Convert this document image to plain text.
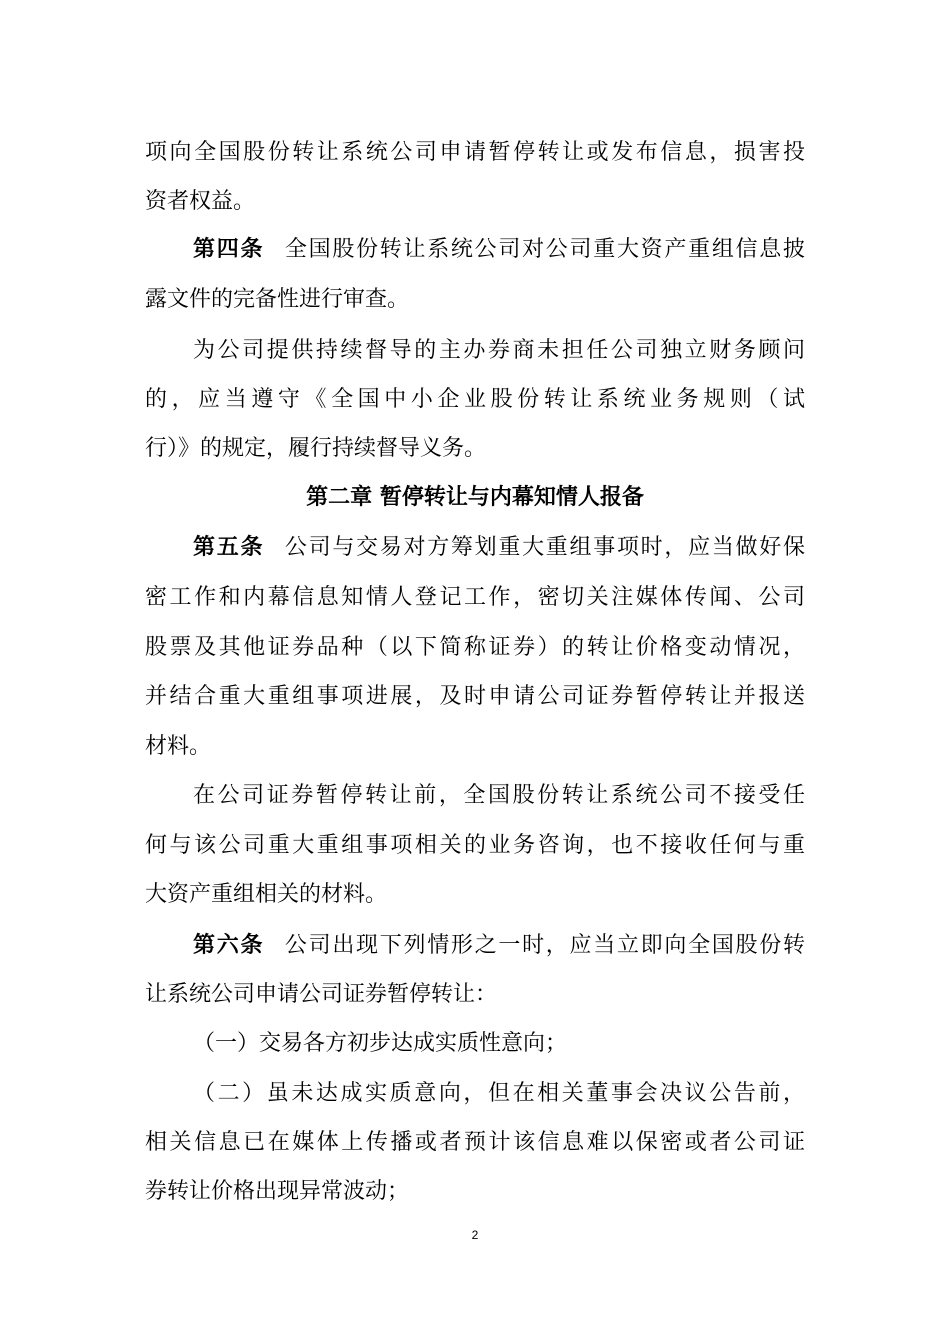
项向全国股份转让系统公司申请暂停转让或发布信息，损害投
资者权益。
第四条 全国股份转让系统公司对公司重大资产重组信息披
露文件的完备性进行审查。
为公司提供持续督导的主办券商未担任公司独立财务顾问
的，应当遵守《全国中小企业股份转让系统业务规则（试
行）》的规定，履行持续督导义务。
第二章 暂停转让与内幕知情人报备
第五条 公司与交易对方筹划重大重组事项时，应当做好保
密工作和内幕信息知情人登记工作，密切关注媒体传闻、公司
股票及其他证券品种（以下简称证券）的转让价格变动情况，
并结合重大重组事项进展，及时申请公司证券暂停转让并报送
材料。
在公司证券暂停转让前，全国股份转让系统公司不接受任
何与该公司重大重组事项相关的业务咨询，也不接收任何与重
大资产重组相关的材料。
第六条 公司出现下列情形之一时，应当立即向全国股份转
让系统公司申请公司证券暂停转让：
（一）交易各方初步达成实质性意向；
（二）虽未达成实质意向，但在相关董事会决议公告前，
相关信息已在媒体上传播或者预计该信息难以保密或者公司证
券转让价格出现异常波动；
2
